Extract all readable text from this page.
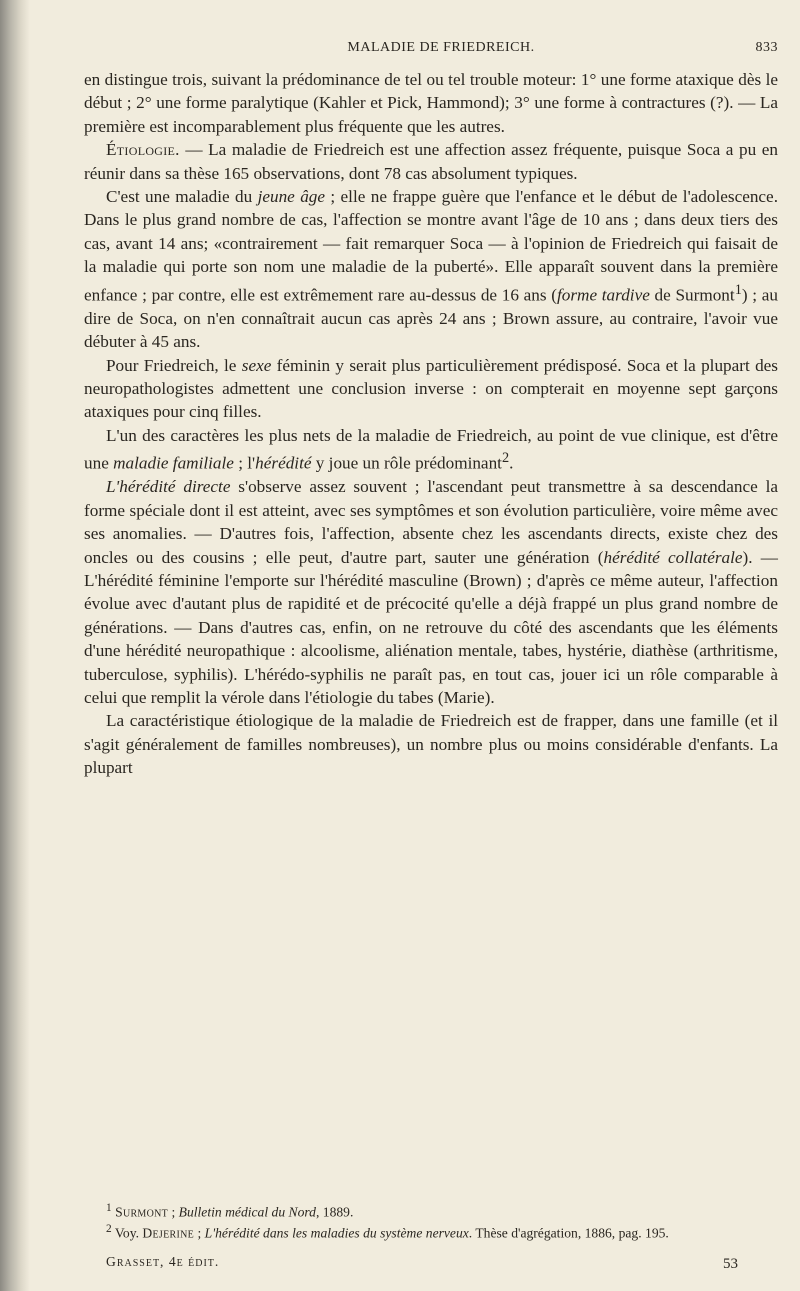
MALADIE DE FRIEDREICH.	833

en distingue trois, suivant la prédominance de tel ou tel trouble moteur: 1° une forme ataxique dès le début ; 2° une forme paralytique (Kahler et Pick, Hammond); 3° une forme à contractures (?). — La première est incomparablement plus fréquente que les autres.

Étiologie. — La maladie de Friedreich est une affection assez fréquente, puisque Soca a pu en réunir dans sa thèse 165 observations, dont 78 cas absolument typiques.

C'est une maladie du jeune âge ; elle ne frappe guère que l'enfance et le début de l'adolescence. Dans le plus grand nombre de cas, l'affection se montre avant l'âge de 10 ans ; dans deux tiers des cas, avant 14 ans; «contrairement — fait remarquer Soca — à l'opinion de Friedreich qui faisait de la maladie qui porte son nom une maladie de la puberté». Elle apparaît souvent dans la première enfance ; par contre, elle est extrêmement rare au-dessus de 16 ans (forme tardive de Surmont$^1$) ; au dire de Soca, on n'en connaîtrait aucun cas après 24 ans ; Brown assure, au contraire, l'avoir vue débuter à 45 ans.

Pour Friedreich, le sexe féminin y serait plus particulièrement prédisposé. Soca et la plupart des neuropathologistes admettent une conclusion inverse : on compterait en moyenne sept garçons ataxiques pour cinq filles.

L'un des caractères les plus nets de la maladie de Friedreich, au point de vue clinique, est d'être une maladie familiale ; l'hérédité y joue un rôle prédominant$^2$.

L'hérédité directe s'observe assez souvent ; l'ascendant peut transmettre à sa descendance la forme spéciale dont il est atteint, avec ses symptômes et son évolution particulière, voire même avec ses anomalies. — D'autres fois, l'affection, absente chez les ascendants directs, existe chez des oncles ou des cousins ; elle peut, d'autre part, sauter une génération (hérédité collatérale). — L'hérédité féminine l'emporte sur l'hérédité masculine (Brown) ; d'après ce même auteur, l'affection évolue avec d'autant plus de rapidité et de précocité qu'elle a déjà frappé un plus grand nombre de générations. — Dans d'autres cas, enfin, on ne retrouve du côté des ascendants que les éléments d'une hérédité neuropathique : alcoolisme, aliénation mentale, tabes, hystérie, diathèse (arthritisme, tuberculose, syphilis). L'hérédo-syphilis ne paraît pas, en tout cas, jouer ici un rôle comparable à celui que remplit la vérole dans l'étiologie du tabes (Marie).

La caractéristique étiologique de la maladie de Friedreich est de frapper, dans une famille (et il s'agit généralement de familles nombreuses), un nombre plus ou moins considérable d'enfants. La plupart

$^1$ Surmont ; Bulletin médical du Nord, 1889.

$^2$ Voy. Dejerine ; L'hérédité dans les maladies du système nerveux. Thèse d'agrégation, 1886, pag. 195.

Grasset, 4e édit.	53
